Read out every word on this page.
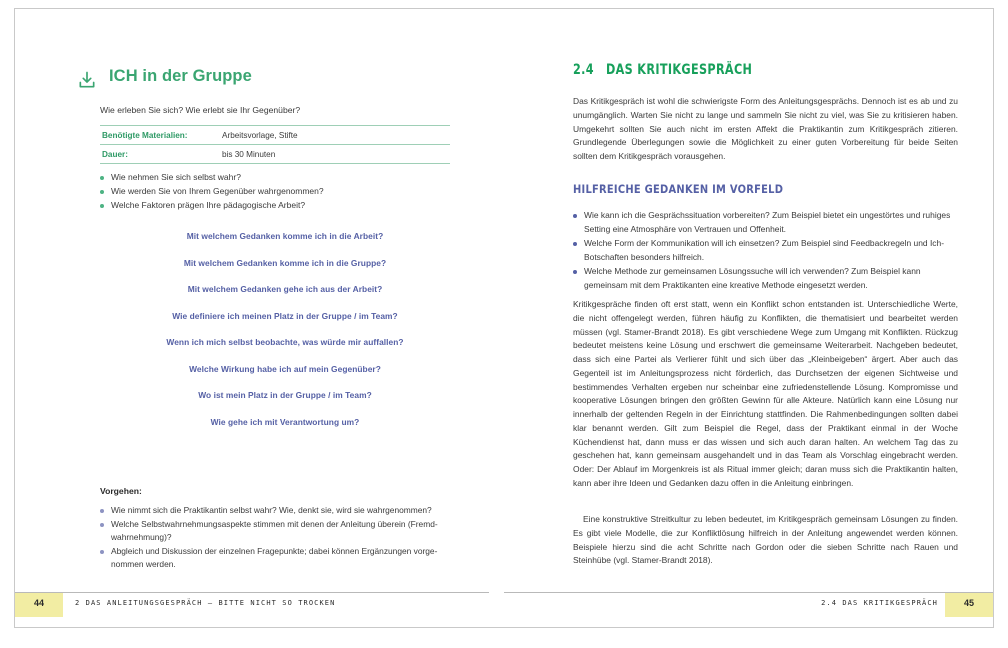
ICH in der Gruppe
Wie erleben Sie sich? Wie erlebt sie Ihr Gegenüber?
Benötigte Materialien:	Arbeitsvorlage, Stifte
Dauer:	bis 30 Minuten
Wie nehmen Sie sich selbst wahr?
Wie werden Sie von Ihrem Gegenüber wahrgenommen?
Welche Faktoren prägen Ihre pädagogische Arbeit?
Mit welchem Gedanken komme ich in die Arbeit?
Mit welchem Gedanken komme ich in die Gruppe?
Mit welchem Gedanken gehe ich aus der Arbeit?
Wie definiere ich meinen Platz in der Gruppe / im Team?
Wenn ich mich selbst beobachte, was würde mir auffallen?
Welche Wirkung habe ich auf mein Gegenüber?
Wo ist mein Platz in der Gruppe / im Team?
Wie gehe ich mit Verantwortung um?
Vorgehen:
Wie nimmt sich die Praktikantin selbst wahr? Wie, denkt sie, wird sie wahrgenommen?
Welche Selbstwahrnehmungsaspekte stimmen mit denen der Anleitung überein (Fremdwahrnehmung)?
Abgleich und Diskussion der einzelnen Fragepunkte; dabei können Ergänzungen vorgenommen werden.
2.4 DAS KRITIKGESPRÄCH
Das Kritikgespräch ist wohl die schwierigste Form des Anleitungsgesprächs. Dennoch ist es ab und zu unumgänglich. Warten Sie nicht zu lange und sammeln Sie nicht zu viel, was Sie zu kritisieren haben. Umgekehrt sollten Sie auch nicht im ersten Affekt die Praktikantin zum Kritikgespräch zitieren. Grundlegende Überlegungen sowie die Möglichkeit zu einer guten Vorbereitung für beide Seiten sollten dem Kritikgespräch vorausgehen.
HILFREICHE GEDANKEN IM VORFELD
Wie kann ich die Gesprächssituation vorbereiten? Zum Beispiel bietet ein ungestörtes und ruhiges Setting eine Atmosphäre von Vertrauen und Offenheit.
Welche Form der Kommunikation will ich einsetzen? Zum Beispiel sind Feedbackregeln und Ich-Botschaften besonders hilfreich.
Welche Methode zur gemeinsamen Lösungssuche will ich verwenden? Zum Beispiel kann gemeinsam mit dem Praktikanten eine kreative Methode eingesetzt werden.
Kritikgespräche finden oft erst statt, wenn ein Konflikt schon entstanden ist. Unterschiedliche Werte, die nicht offengelegt werden, führen häufig zu Konflikten, die thematisiert und bearbeitet werden müssen (vgl. Stamer-Brandt 2018). Es gibt verschiedene Wege zum Umgang mit Konflikten. Rückzug bedeutet meistens keine Lösung und erschwert die gemeinsame Weiterarbeit. Nachgeben bedeutet, dass sich eine Partei als Verlierer fühlt und sich über das „Kleinbeigeben“ ärgert. Aber auch das Gegenteil ist im Anleitungsprozess nicht förderlich, das Durchsetzen der eigenen Sichtweise und bestimmendes Verhalten ergeben nur scheinbar eine zufriedenstellende Lösung. Kompromisse und kooperative Lösungen bringen den größten Gewinn für alle Akteure. Natürlich kann eine Lösung nur innerhalb der geltenden Regeln in der Einrichtung stattfinden. Die Rahmenbedingungen sollten dabei klar benannt werden. Gilt zum Beispiel die Regel, dass der Praktikant einmal in der Woche Küchendienst hat, dann muss er das wissen und sich auch daran halten. An welchem Tag das zu geschehen hat, kann gemeinsam ausgehandelt und in das Team als Vorschlag eingebracht werden. Oder: Der Ablauf im Morgenkreis ist als Ritual immer gleich; daran muss sich die Praktikantin halten, kann aber ihre Ideen und Gedanken dazu offen in die Anleitung einbringen.
Eine konstruktive Streitkultur zu leben bedeutet, im Kritikgespräch gemeinsam Lösungen zu finden. Es gibt viele Modelle, die zur Konfliktlösung hilfreich in der Anleitung angewendet werden können. Beispiele hierzu sind die acht Schritte nach Gordon oder die sieben Schritte nach Rauen und Steinhübe (vgl. Stamer-Brandt 2018).
44	2 DAS ANLEITUNGSGESPRÄCH – BITTE NICHT SO TROCKEN	2.4 DAS KRITIKGESPRÄCH	45
